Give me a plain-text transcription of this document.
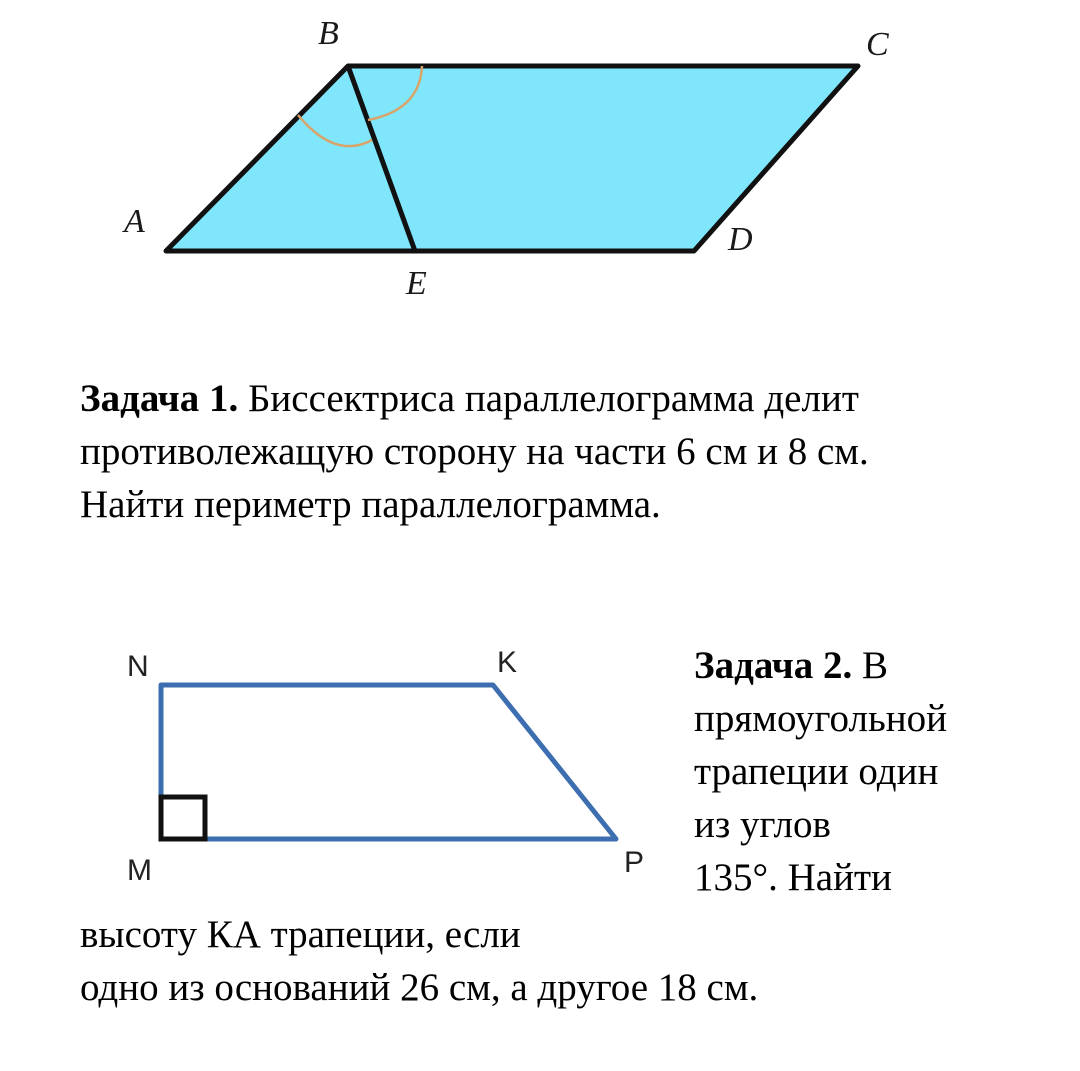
B	C
A	D
E
Задача 1. Биссектриса параллелограмма делит
противолежащую сторону на части 6 см и 8 см.
Найти периметр параллелограмма.
N	K
M	P
Задача 2. В
прямоугольной
трапеции один
из углов
135°. Найти
высоту КА трапеции, если
одно из оснований 26 см, а другое 18 см.
